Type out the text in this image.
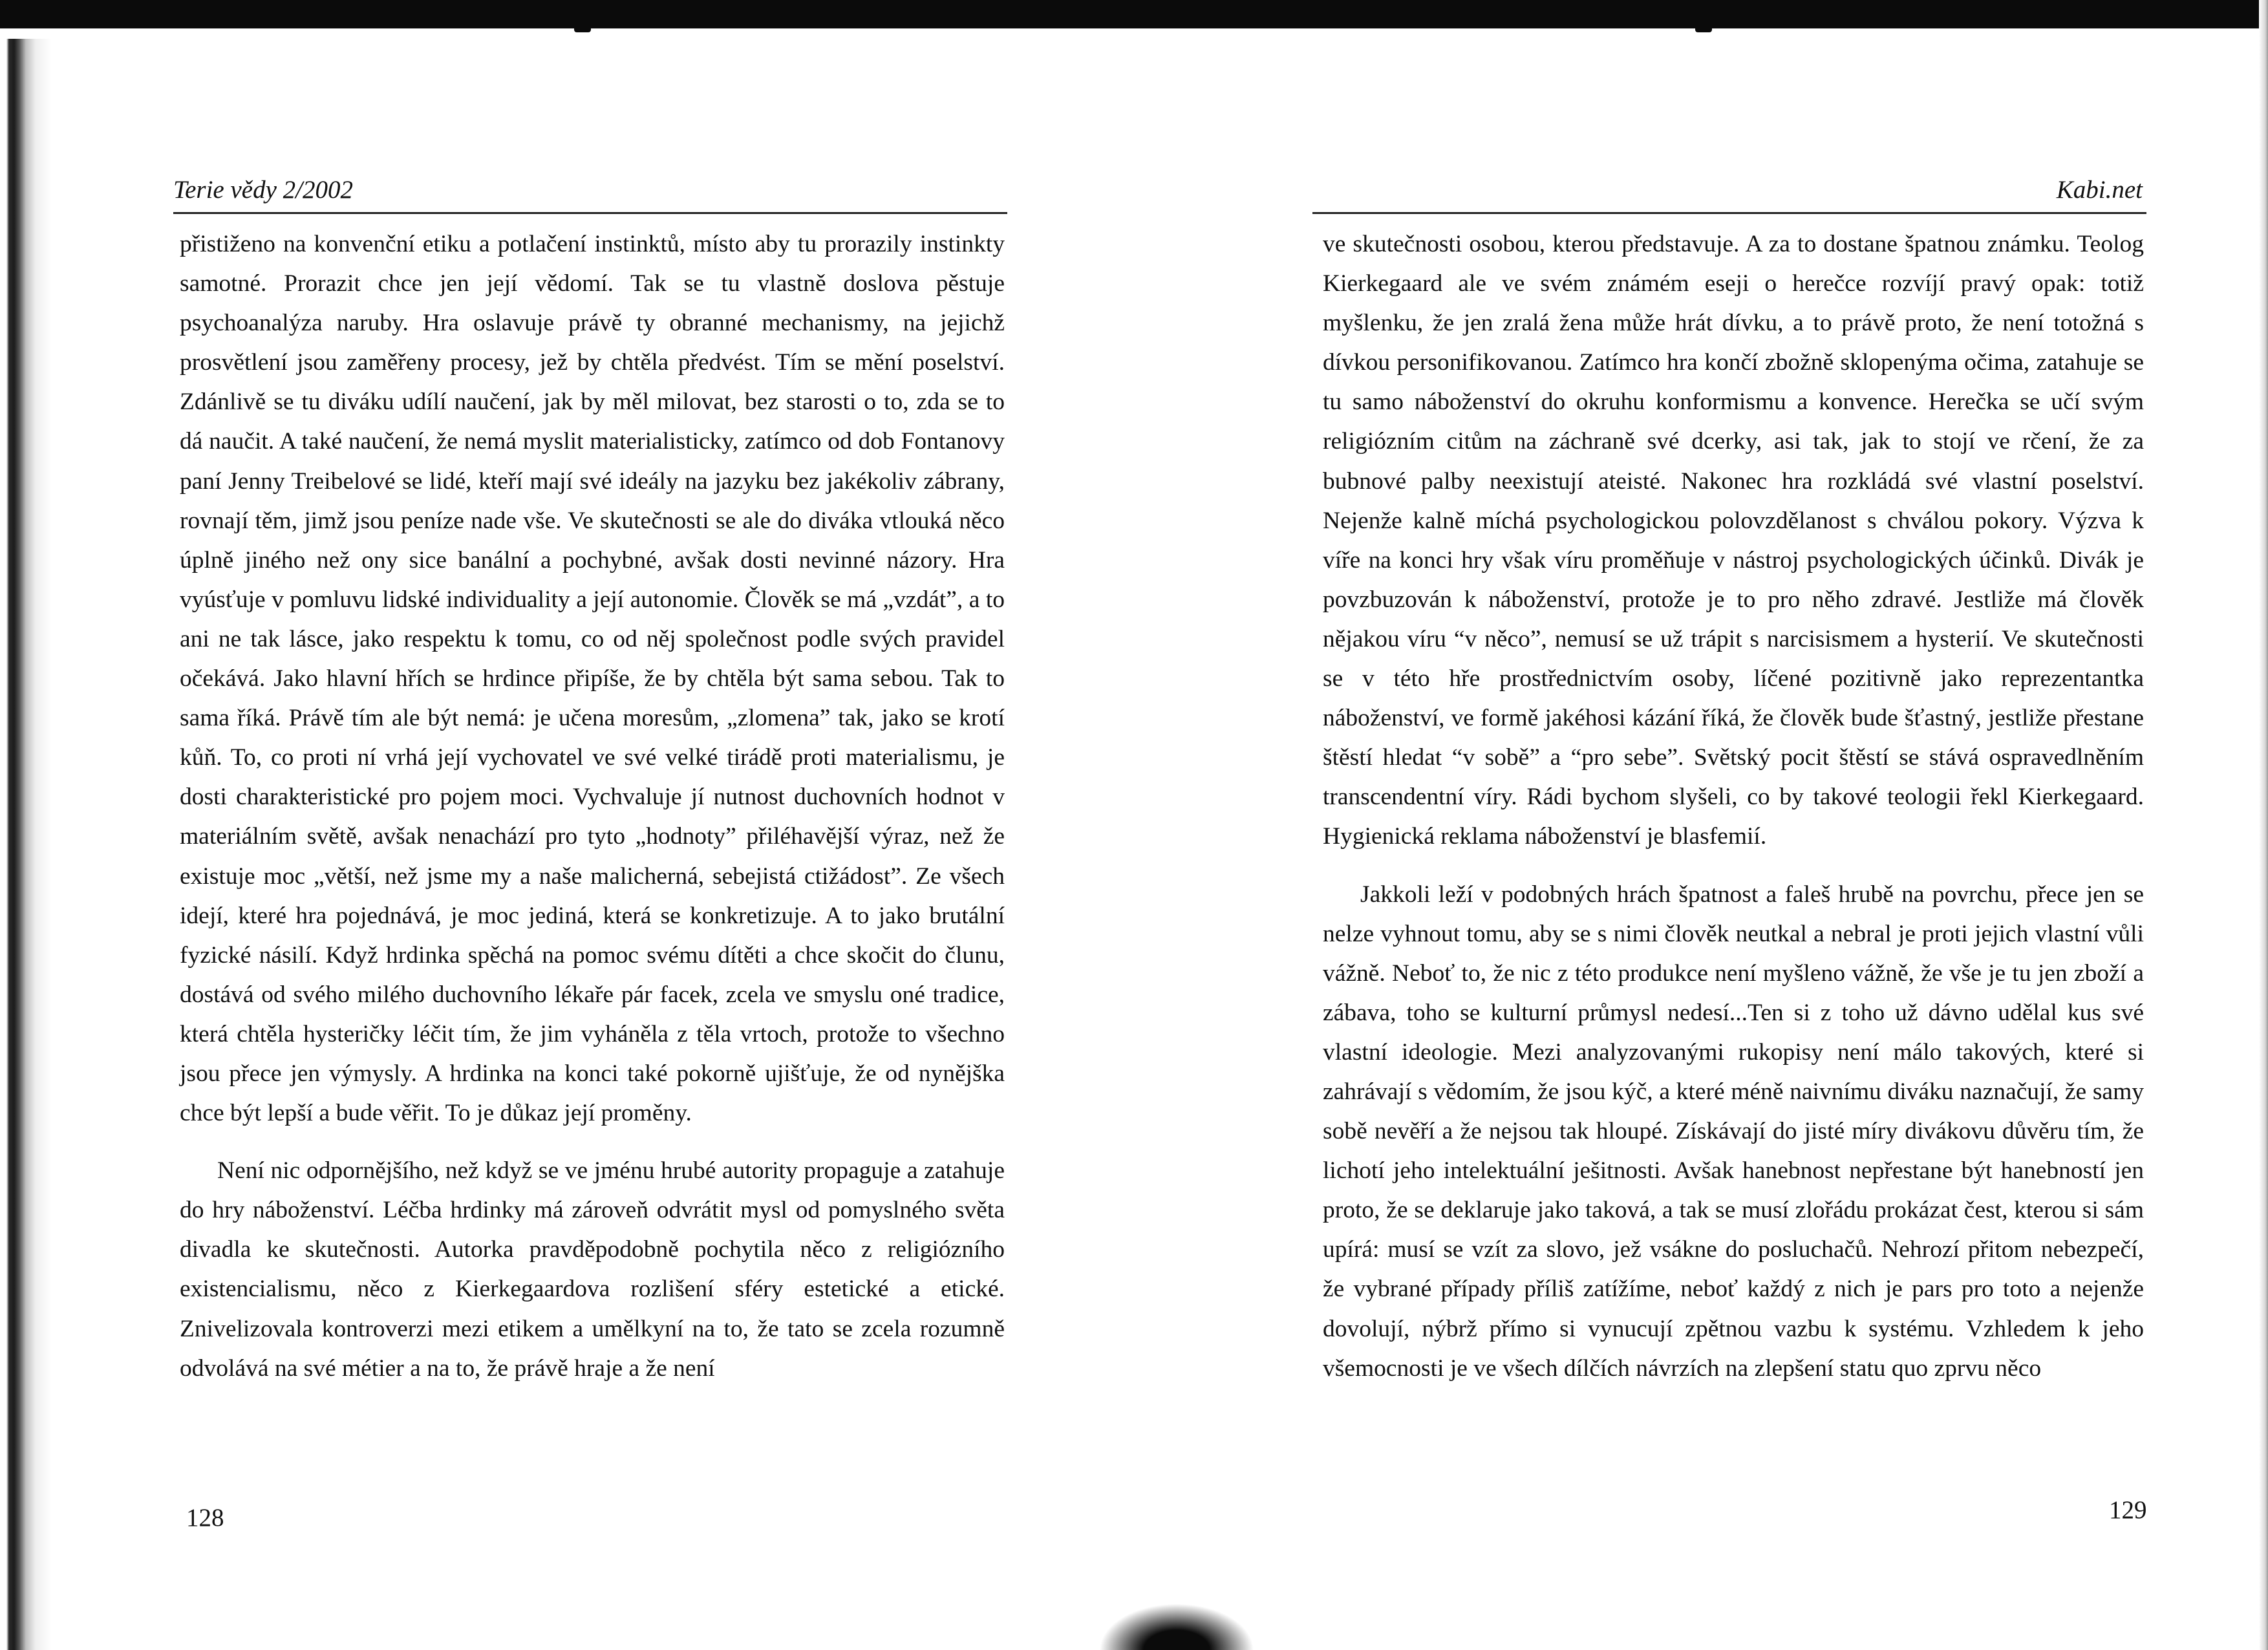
Terie vědy 2/2002

přistiženo na konvenční etiku a potlačení instinktů, místo aby tu prorazily instinkty samotné. Prorazit chce jen její vědomí. Tak se tu vlastně doslova pěstuje psychoanalýza naruby. Hra oslavuje právě ty obranné mechanismy, na jejichž prosvětlení jsou zaměřeny procesy, jež by chtěla předvést. Tím se mění poselství. Zdánlivě se tu diváku udílí naučení, jak by měl milovat, bez starosti o to, zda se to dá naučit. A také naučení, že nemá myslit materialisticky, zatímco od dob Fontanovy paní Jenny Treibelové se lidé, kteří mají své ideály na jazyku bez jakékoliv zábrany, rovnají těm, jimž jsou peníze nade vše. Ve skutečnosti se ale do diváka vtlouká něco úplně jiného než ony sice banální a pochybné, avšak dosti nevinné názory. Hra vyúsťuje v pomluvu lidské individuality a její autonomie. Člověk se má „vzdát”, a to ani ne tak lásce, jako respektu k tomu, co od něj společnost podle svých pravidel očekává. Jako hlavní hřích se hrdince připíše, že by chtěla být sama sebou. Tak to sama říká. Právě tím ale být nemá: je učena moresům, „zlomena” tak, jako se krotí kůň. To, co proti ní vrhá její vychovatel ve své velké tirádě proti materialismu, je dosti charakteristické pro pojem moci. Vychvaluje jí nutnost duchovních hodnot v materiálním světě, avšak nenachází pro tyto „hodnoty” přiléhavější výraz, než že existuje moc „větší, než jsme my a naše malicherná, sebejistá ctižádost”. Ze všech idejí, které hra pojednává, je moc jediná, která se konkretizuje. A to jako brutální fyzické násilí. Když hrdinka spěchá na pomoc svému dítěti a chce skočit do člunu, dostává od svého milého duchovního lékaře pár facek, zcela ve smyslu oné tradice, která chtěla hysteričky léčit tím, že jim vyháněla z těla vrtoch, protože to všechno jsou přece jen výmysly. A hrdinka na konci také pokorně ujišťuje, že od nynějška chce být lepší a bude věřit. To je důkaz její proměny.

Není nic odpornějšího, než když se ve jménu hrubé autority propaguje a zatahuje do hry náboženství. Léčba hrdinky má zároveň odvrátit mysl od pomyslného světa divadla ke skutečnosti. Autorka pravděpodobně pochytila něco z religiózního existencialismu, něco z Kierkegaardova rozlišení sféry estetické a etické. Znivelizovala kontroverzi mezi etikem a umělkyní na to, že tato se zcela rozumně odvolává na své métier a na to, že právě hraje a že není

128
Kabi.net

ve skutečnosti osobou, kterou představuje. A za to dostane špatnou známku. Teolog Kierkegaard ale ve svém známém eseji o herečce rozvíjí pravý opak: totiž myšlenku, že jen zralá žena může hrát dívku, a to právě proto, že není totožná s dívkou personifikovanou. Zatímco hra končí zbožně sklopenýma očima, zatahuje se tu samo náboženství do okruhu konformismu a konvence. Herečka se učí svým religiózním citům na záchraně své dcerky, asi tak, jak to stojí ve rčení, že za bubnové palby neexistují ateisté. Nakonec hra rozkládá své vlastní poselství. Nejenže kalně míchá psychologickou polovzdělanost s chválou pokory. Výzva k víře na konci hry však víru proměňuje v nástroj psychologických účinků. Divák je povzbuzován k náboženství, protože je to pro něho zdravé. Jestliže má člověk nějakou víru “v něco”, nemusí se už trápit s narcisismem a hysterií. Ve skutečnosti se v této hře prostřednictvím osoby, líčené pozitivně jako reprezentantka náboženství, ve formě jakéhosi kázání říká, že člověk bude šťastný, jestliže přestane štěstí hledat “v sobě” a “pro sebe”. Světský pocit štěstí se stává ospravedlněním transcendentní víry. Rádi bychom slyšeli, co by takové teologii řekl Kierkegaard. Hygienická reklama náboženství je blasfemií.

Jakkoli leží v podobných hrách špatnost a faleš hrubě na povrchu, přece jen se nelze vyhnout tomu, aby se s nimi člověk neutkal a nebral je proti jejich vlastní vůli vážně. Neboť to, že nic z této produkce není myšleno vážně, že vše je tu jen zboží a zábava, toho se kulturní průmysl nedesí...Ten si z toho už dávno udělal kus své vlastní ideologie. Mezi analyzovanými rukopisy není málo takových, které si zahrávají s vědomím, že jsou kýč, a které méně naivnímu diváku naznačují, že samy sobě nevěří a že nejsou tak hloupé. Získávají do jisté míry divákovu důvěru tím, že lichotí jeho intelektuální ješitnosti. Avšak hanebnost nepřestane být hanebností jen proto, že se deklaruje jako taková, a tak se musí zlořádu prokázat čest, kterou si sám upírá: musí se vzít za slovo, jež vsákne do posluchačů. Nehrozí přitom nebezpečí, že vybrané případy příliš zatížíme, neboť každý z nich je pars pro toto a nejenže dovolují, nýbrž přímo si vynucují zpětnou vazbu k systému. Vzhledem k jeho všemocnosti je ve všech dílčích návrzích na zlepšení statu quo zprvu něco

129
